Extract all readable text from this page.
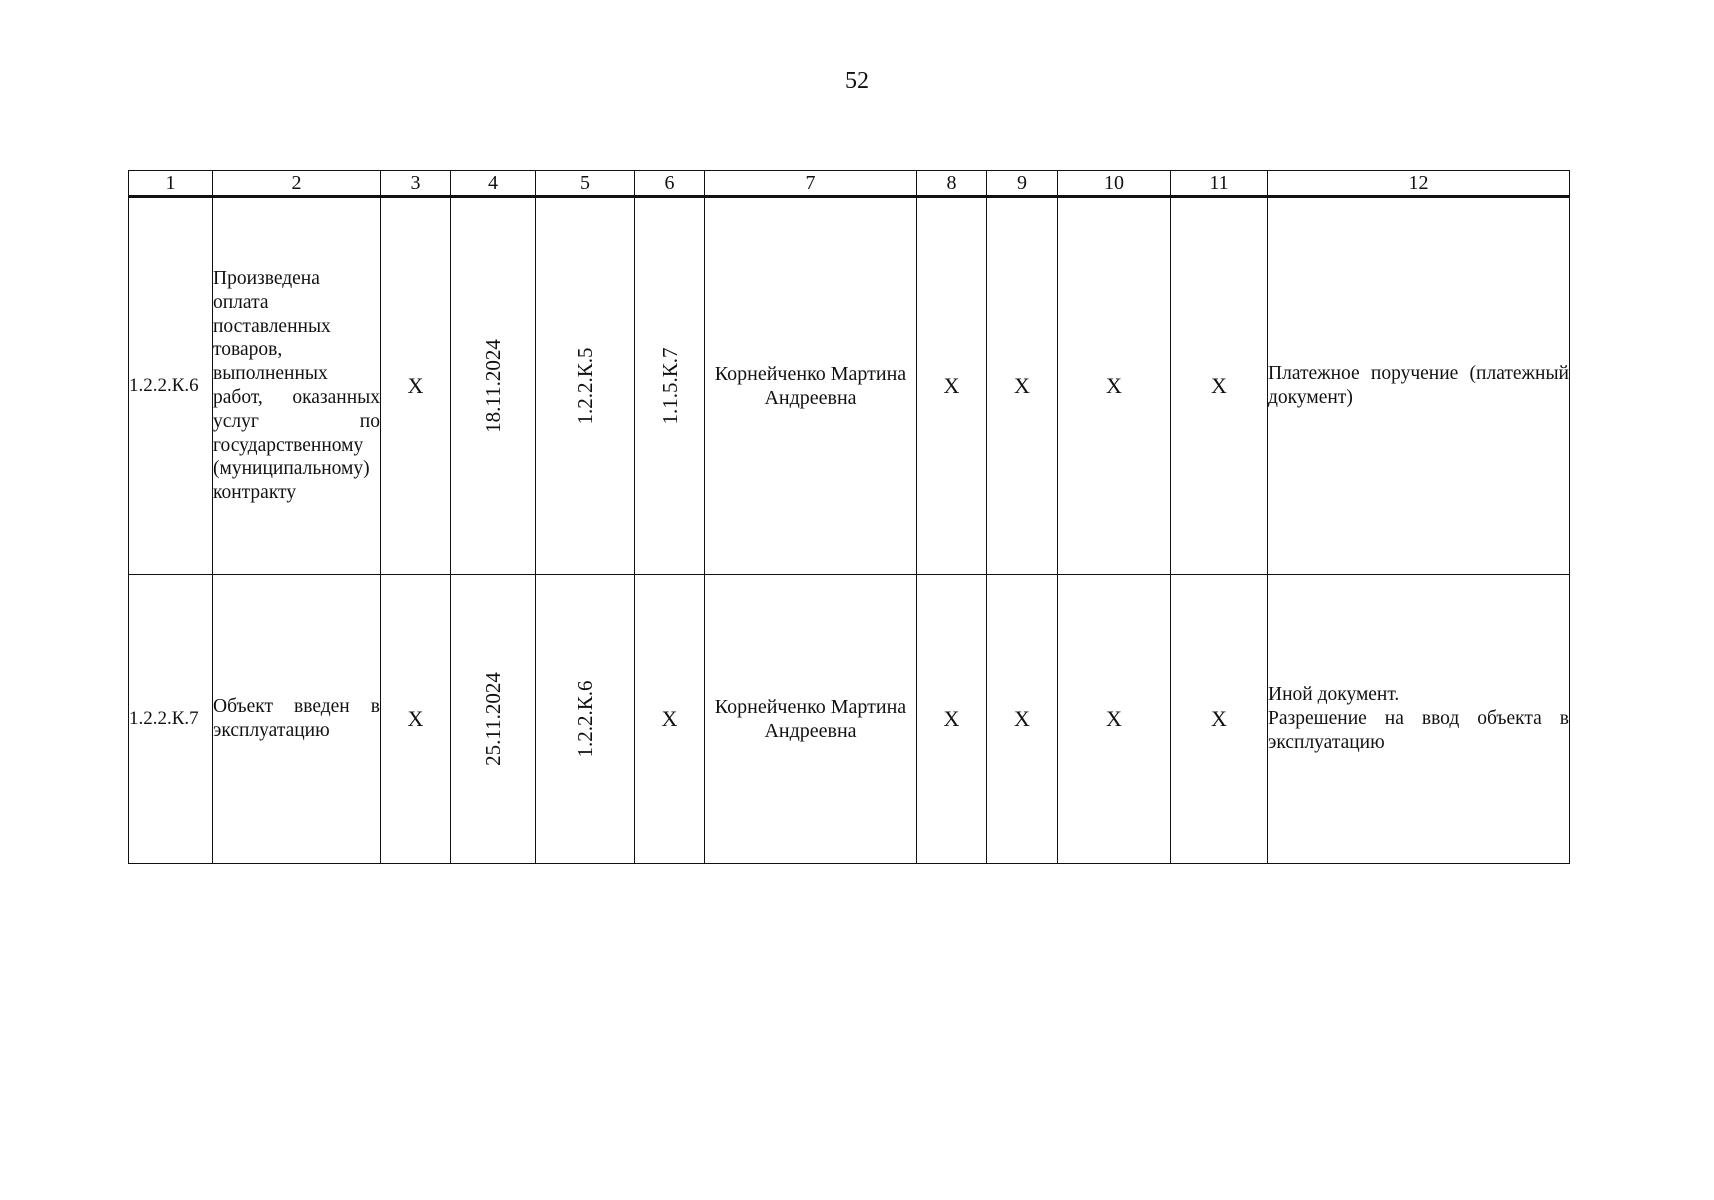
52
1	2	3	4	5	6	7	8	9	10	11	12
1.2.2.К.6	Произведена оплата поставленных товаров, выполненных работ, оказанных услуг по государственному (муниципальному) контракту	Х	18.11.2024	1.2.2.К.5	1.1.5.К.7	Корнейченко Мартина Андреевна	Х	Х	Х	Х	Платежное поручение (платежный документ)

1.2.2.К.7	Объект введен в эксплуатацию	Х	25.11.2024	1.2.2.К.6	Х	Корнейченко Мартина Андреевна	Х	Х	Х	Х	Иной документ.
Разрешение на ввод объекта в эксплуатацию
